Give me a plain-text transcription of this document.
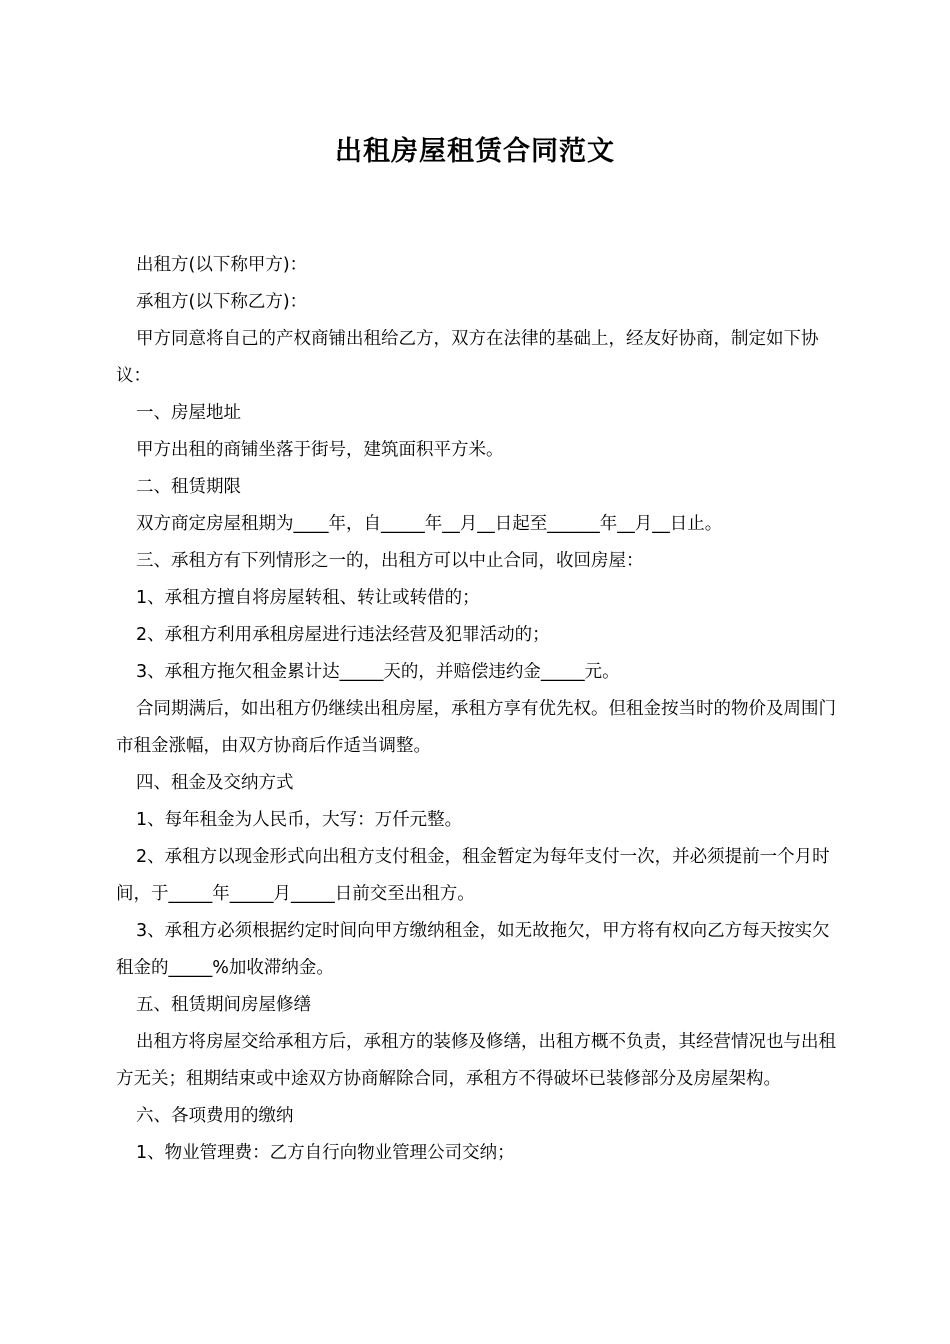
出租房屋租赁合同范文

出租方(以下称甲方)：

承租方(以下称乙方)：

甲方同意将自己的产权商铺出租给乙方，双方在法律的基础上，经友好协商，制定如下协议：

一、房屋地址

甲方出租的商铺坐落于街号，建筑面积平方米。

二、租赁期限

双方商定房屋租期为____年，自_____年__月__日起至______年__月__日止。

三、承租方有下列情形之一的，出租方可以中止合同，收回房屋：

1、承租方擅自将房屋转租、转让或转借的；

2、承租方利用承租房屋进行违法经营及犯罪活动的；

3、承租方拖欠租金累计达_____天的，并赔偿违约金_____元。

合同期满后，如出租方仍继续出租房屋，承租方享有优先权。但租金按当时的物价及周围门市租金涨幅，由双方协商后作适当调整。

四、租金及交纳方式

1、每年租金为人民币，大写：万仟元整。

2、承租方以现金形式向出租方支付租金，租金暂定为每年支付一次，并必须提前一个月时间，于_____年_____月_____日前交至出租方。

3、承租方必须根据约定时间向甲方缴纳租金，如无故拖欠，甲方将有权向乙方每天按实欠租金的_____%加收滞纳金。

五、租赁期间房屋修缮

出租方将房屋交给承租方后，承租方的装修及修缮，出租方概不负责，其经营情况也与出租方无关；租期结束或中途双方协商解除合同，承租方不得破坏已装修部分及房屋架构。

六、各项费用的缴纳

1、物业管理费：乙方自行向物业管理公司交纳；
